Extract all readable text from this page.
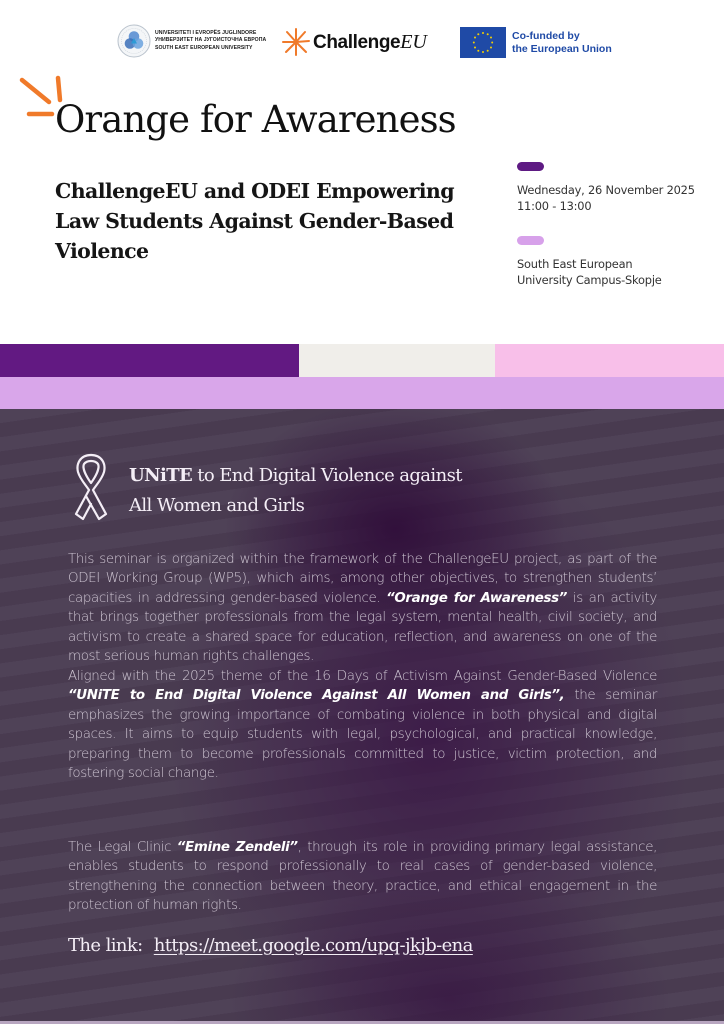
UNIVERSITETI I EVROPËS JUGLINDORE
УНИВЕРЗИТЕТ НА ЈУГОИСТОЧНА ЕВРОПА
SOUTH EAST EUROPEAN UNIVERSITY	ChallengeEU	Co-funded by
the European Union
Orange for Awareness
ChallengeEU and ODEI Empowering Law Students Against Gender-Based Violence
Wednesday, 26 November 2025
11:00 - 13:00
South East European
University Campus-Skopje
UNiTE to End Digital Violence against
All Women and Girls

This seminar is organized within the framework of the ChallengeEU project, as part of the ODEI Working Group (WP5), which aims, among other objectives, to strengthen students’ capacities in addressing gender-based violence. “Orange for Awareness” is an activity that brings together professionals from the legal system, mental health, civil society, and activism to create a shared space for education, reflection, and awareness on one of the most serious human rights challenges.

Aligned with the 2025 theme of the 16 Days of Activism Against Gender-Based Violence “UNiTE to End Digital Violence Against All Women and Girls”, the seminar emphasizes the growing importance of combating violence in both physical and digital spaces. It aims to equip students with legal, psychological, and practical knowledge, preparing them to become professionals committed to justice, victim protection, and fostering social change.

The Legal Clinic “Emine Zendeli”, through its role in providing primary legal assistance, enables students to respond professionally to real cases of gender-based violence, strengthening the connection between theory, practice, and ethical engagement in the protection of human rights.

The link: https://meet.google.com/upq-jkjb-ena
